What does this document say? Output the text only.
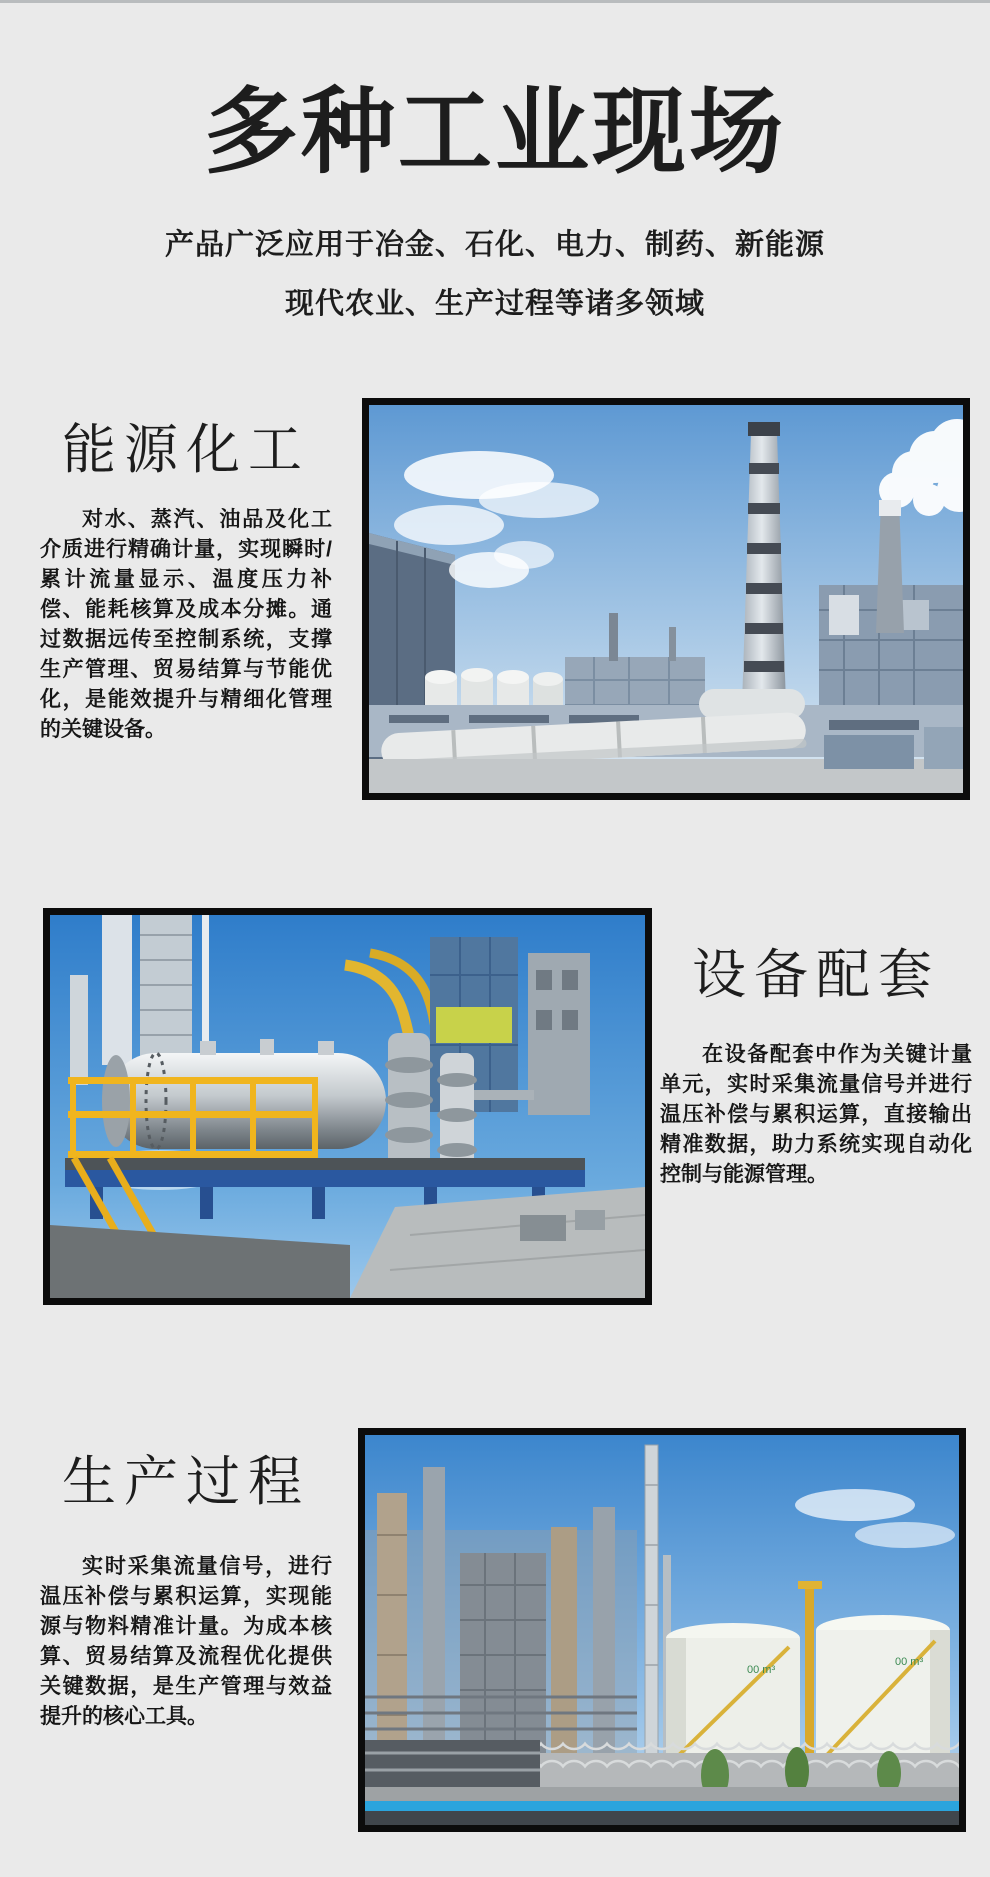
多种工业现场
产品广泛应用于冶金、石化、电力、制药、新能源
现代农业、生产过程等诸多领域
能源化工

对水、蒸汽、油品及化工介质进行精确计量，实现瞬时/累计流量显示、温度压力补偿、能耗核算及成本分摊。通过数据远传至控制系统，支撑生产管理、贸易结算与节能优化，是能效提升与精细化管理的关键设备。

设备配套

在设备配套中作为关键计量单元，实时采集流量信号并进行温压补偿与累积运算，直接输出精准数据，助力系统实现自动化控制与能源管理。

生产过程

实时采集流量信号，进行温压补偿与累积运算，实现能源与物料精准计量。为成本核算、贸易结算及流程优化提供关键数据，是生产管理与效益提升的核心工具。

00 m³
00 m³
